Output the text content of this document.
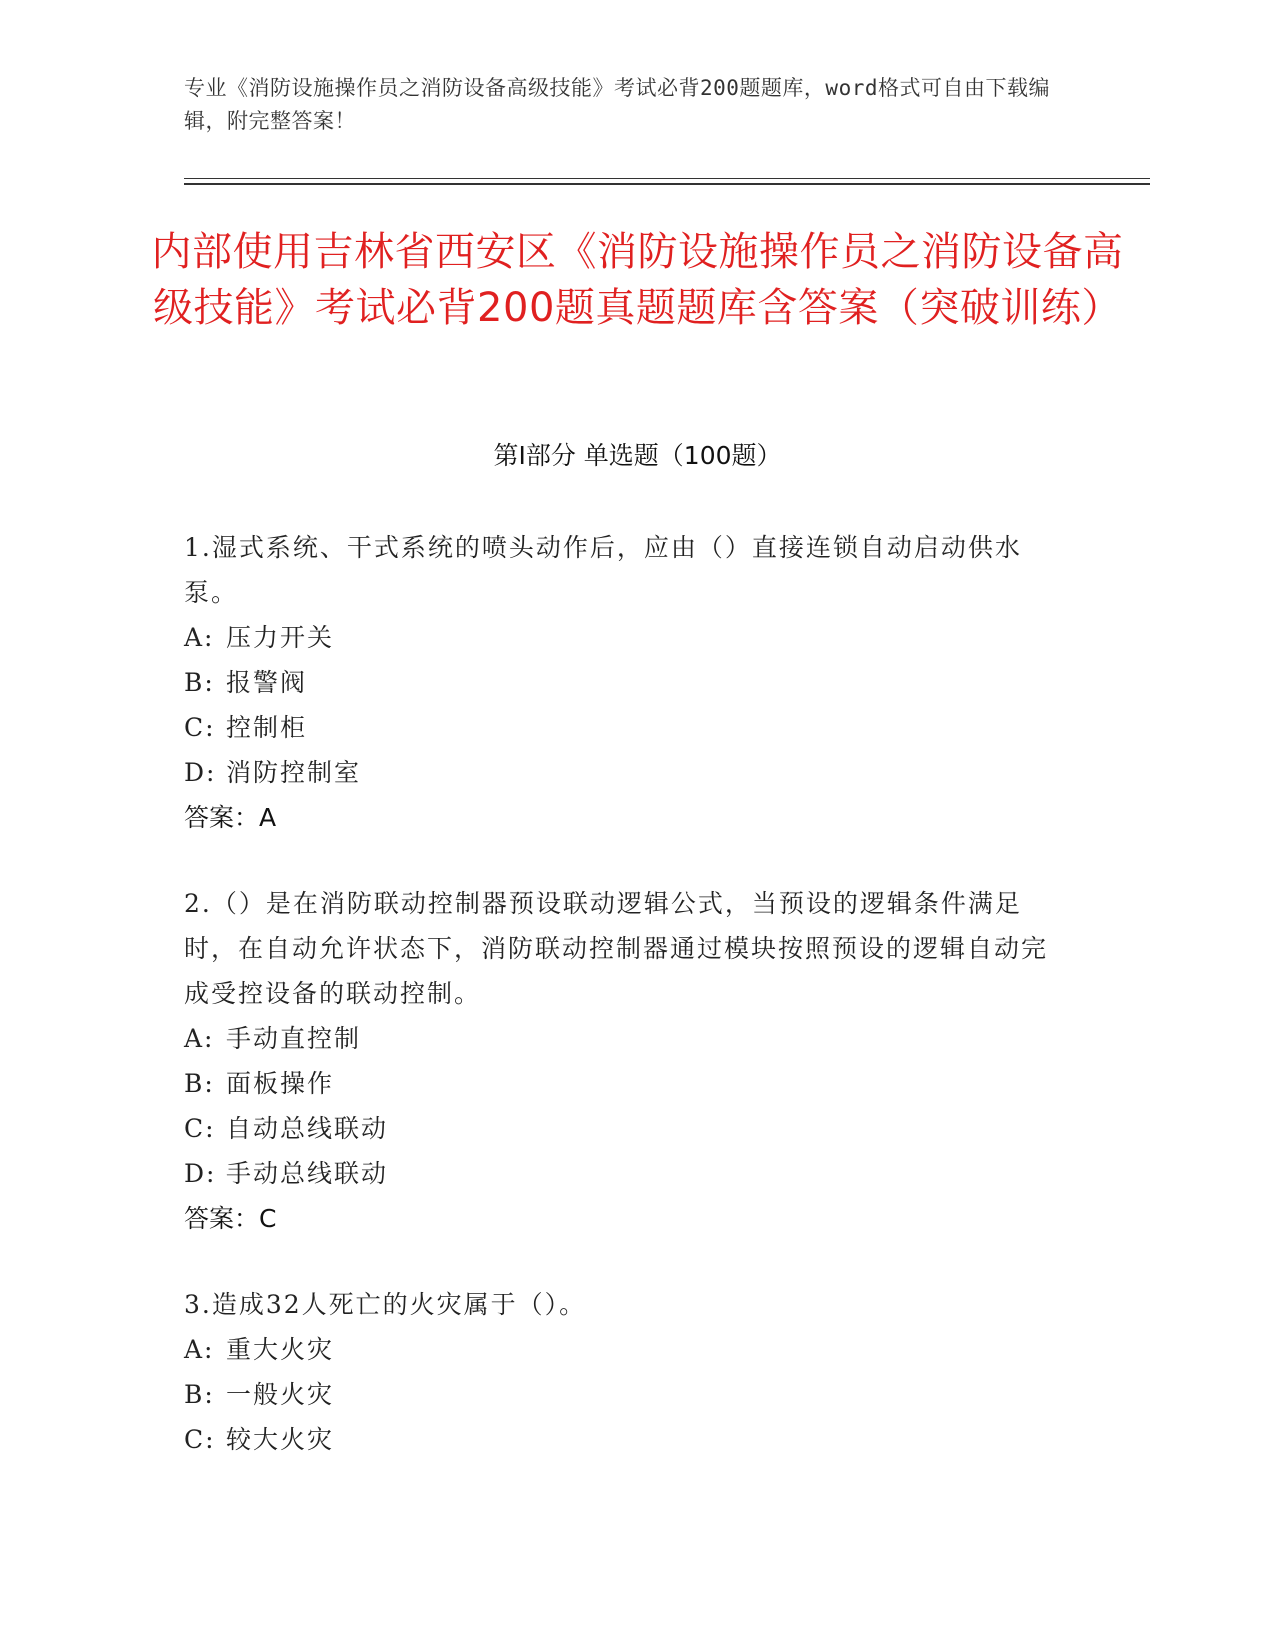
专业《消防设施操作员之消防设备高级技能》考试必背200题题库，word格式可自由下载编辑，附完整答案！
内部使用吉林省西安区《消防设施操作员之消防设备高级技能》考试必背200题真题题库含答案（突破训练）
第I部分 单选题（100题）

1.湿式系统、干式系统的喷头动作后，应由（）直接连锁自动启动供水泵。

A: 压力开关
B: 报警阀
C: 控制柜
D: 消防控制室
答案：A

2.（）是在消防联动控制器预设联动逻辑公式，当预设的逻辑条件满足时，在自动允许状态下，消防联动控制器通过模块按照预设的逻辑自动完成受控设备的联动控制。

A: 手动直控制
B: 面板操作
C: 自动总线联动
D: 手动总线联动
答案：C

3.造成32人死亡的火灾属于（）。

A: 重大火灾
B: 一般火灾
C: 较大火灾
